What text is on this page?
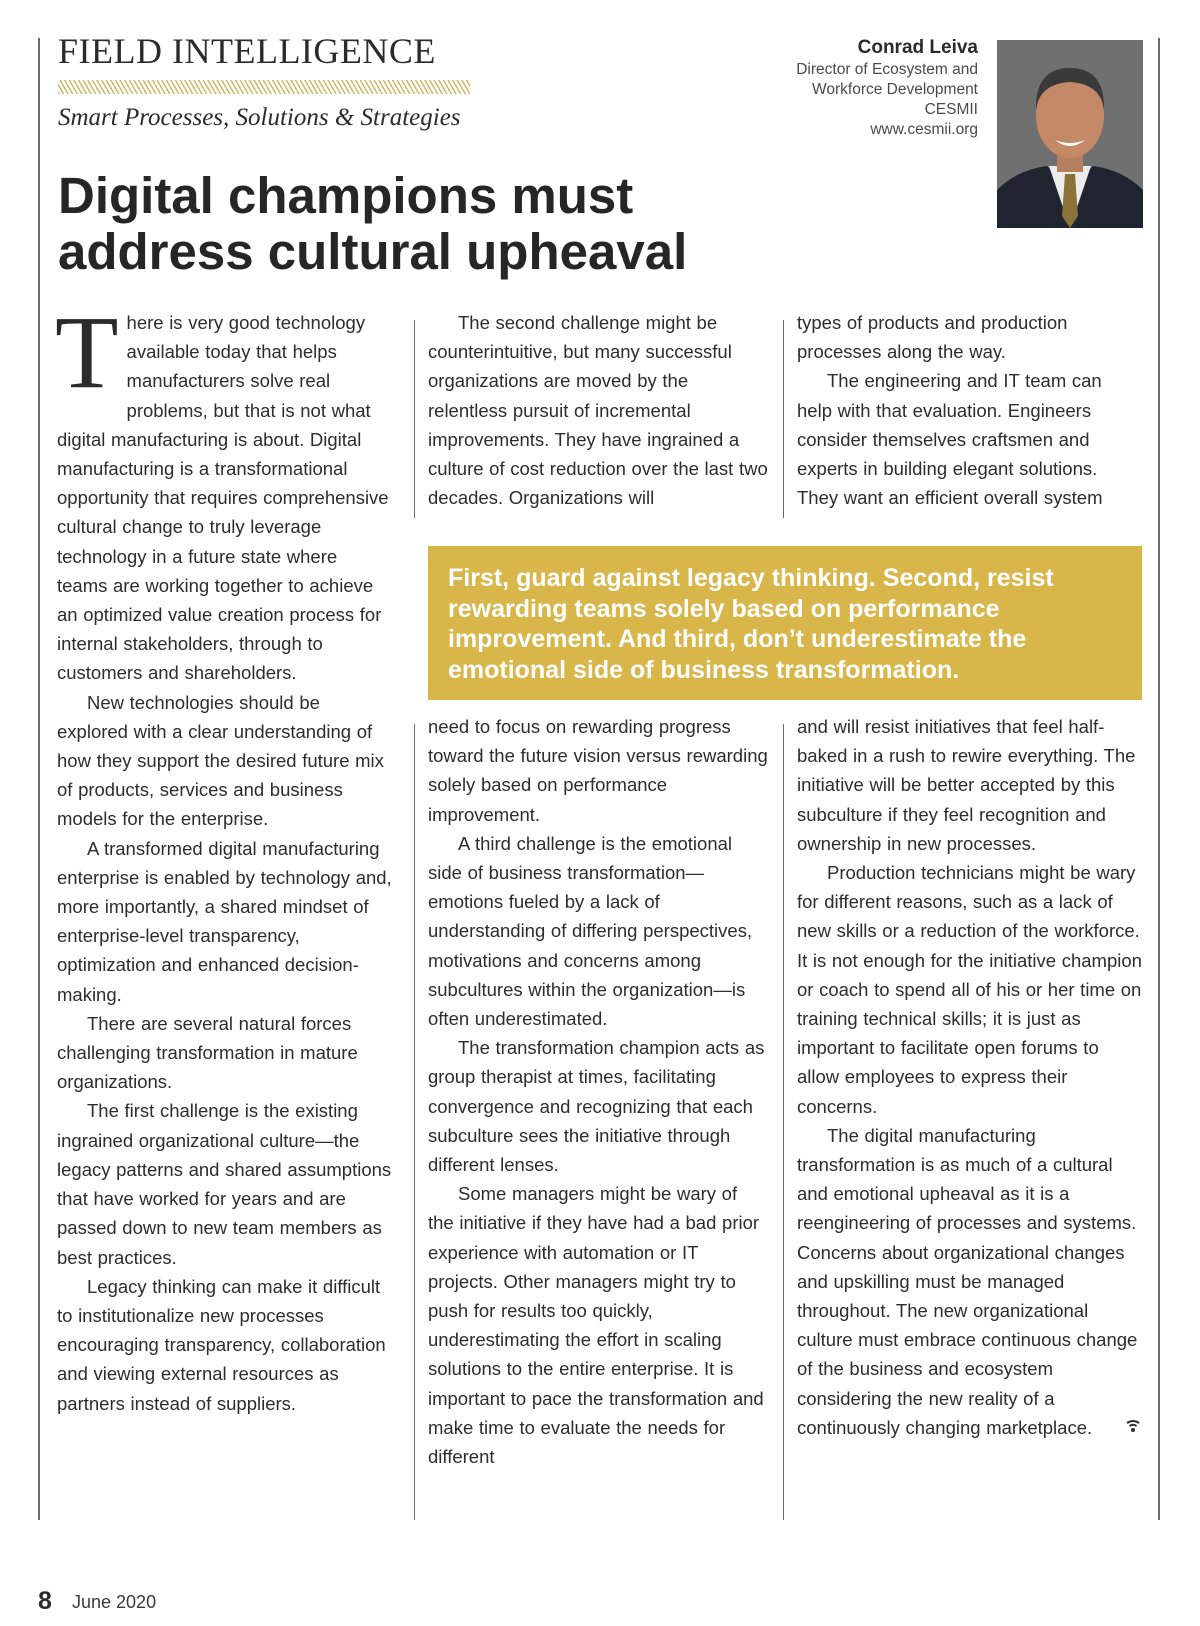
FIELD INTELLIGENCE
Smart Processes, Solutions & Strategies
Conrad Leiva
Director of Ecosystem and
Workforce Development
CESMII
www.cesmii.org
Digital champions must address cultural upheaval

There is very good technology available today that helps manufacturers solve real problems, but that is not what digital manufacturing is about. Digital manufacturing is a transformational opportunity that requires comprehensive cultural change to truly leverage technology in a future state where teams are working together to achieve an optimized value creation process for internal stakeholders, through to customers and shareholders.

New technologies should be explored with a clear understanding of how they support the desired future mix of products, services and business models for the enterprise.

A transformed digital manufacturing enterprise is enabled by technology and, more importantly, a shared mindset of enterprise-level transparency, optimization and enhanced decision-making.

There are several natural forces challenging transformation in mature organizations.

The first challenge is the existing ingrained organizational culture—the legacy patterns and shared assumptions that have worked for years and are passed down to new team members as best practices.

Legacy thinking can make it difficult to institutionalize new processes encouraging transparency, collaboration and viewing external resources as partners instead of suppliers.

The second challenge might be counterintuitive, but many successful organizations are moved by the relentless pursuit of incremental improvements. They have ingrained a culture of cost reduction over the last two decades. Organizations will

types of products and production processes along the way.

The engineering and IT team can help with that evaluation. Engineers consider themselves craftsmen and experts in building elegant solutions. They want an efficient overall system

First, guard against legacy thinking. Second, resist rewarding teams solely based on performance improvement. And third, don’t underestimate the emotional side of business transformation.

need to focus on rewarding progress toward the future vision versus rewarding solely based on performance improvement.

A third challenge is the emotional side of business transformation—emotions fueled by a lack of understanding of differing perspectives, motivations and concerns among subcultures within the organization—is often underestimated.

The transformation champion acts as group therapist at times, facilitating convergence and recognizing that each subculture sees the initiative through different lenses.

Some managers might be wary of the initiative if they have had a bad prior experience with automation or IT projects. Other managers might try to push for results too quickly, underestimating the effort in scaling solutions to the entire enterprise. It is important to pace the transformation and make time to evaluate the needs for different

and will resist initiatives that feel half-baked in a rush to rewire everything. The initiative will be better accepted by this subculture if they feel recognition and ownership in new processes.

Production technicians might be wary for different reasons, such as a lack of new skills or a reduction of the workforce. It is not enough for the initiative champion or coach to spend all of his or her time on training technical skills; it is just as important to facilitate open forums to allow employees to express their concerns.

The digital manufacturing transformation is as much of a cultural and emotional upheaval as it is a reengineering of processes and systems. Concerns about organizational changes and upskilling must be managed throughout. The new organizational culture must embrace continuous change of the business and ecosystem considering the new reality of a continuously changing marketplace.

8 June 2020
